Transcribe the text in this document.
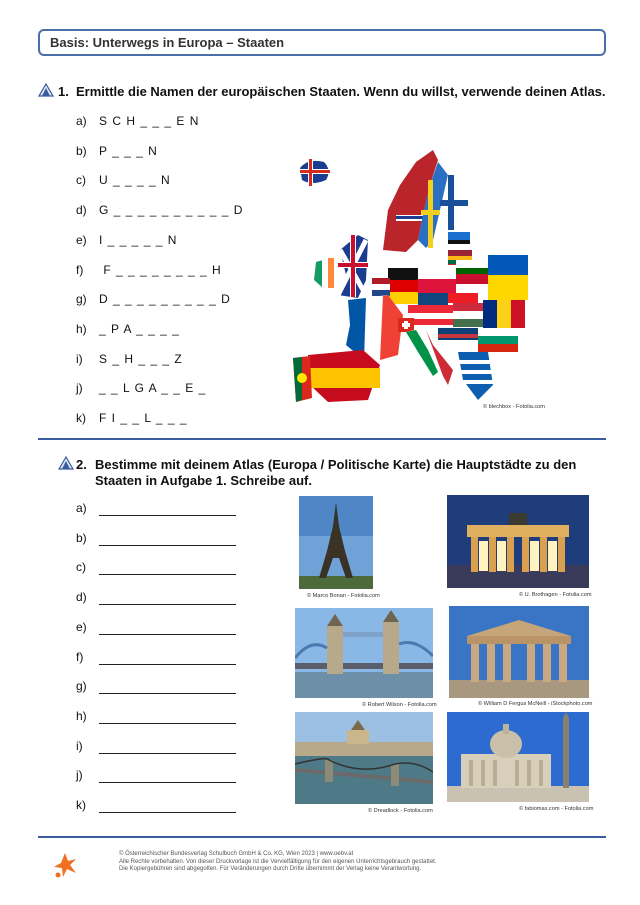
Basis: Unterwegs in Europa – Staaten
1. Ermittle die Namen der europäischen Staaten. Wenn du willst, verwende deinen Atlas.
a) S C H _ _ _ E N
b) P _ _ _ N
c) U _ _ _ _ N
d) G _ _ _ _ _ _ _ _ _ _ D
e) I _ _ _ _ _ N
f) F _ _ _ _ _ _ _ _ H
g) D _ _ _ _ _ _ _ _ _ D
h) _ P A _ _ _ _
i) S _ H _ _ _ Z
j) _ _ L G A _ _ E _
k) F I _ _ L _ _ _
© blechbox - Fotolia.com
2. Bestimme mit deinem Atlas (Europa / Politische Karte) die Hauptstädte zu den
Staaten in Aufgabe 1. Schreibe auf.
a)
b)
c)
d)
e)
f)
g)
h)
i)
j)
k)
© Marco Bonan - Fotolia.com	© U. Brothagen - Fotolia.com
© Robert Wilson - Fotolia.com	© William D Fergus McNeill - iStockphoto.com
© Dreadlock - Fotolia.com	© fabiomax.com - Fotolia.com
© Österreichischer Bundesverlag Schulbuch GmbH & Co. KG, Wien 2023 | www.oebv.at
Alle Rechte vorbehalten. Von dieser Druckvorlage ist die Vervielfältigung für den eigenen Unterrichtsgebrauch gestattet.
Die Kopiergebühren sind abgegolten. Für Veränderungen durch Dritte übernimmt der Verlag keine Verantwortung.
